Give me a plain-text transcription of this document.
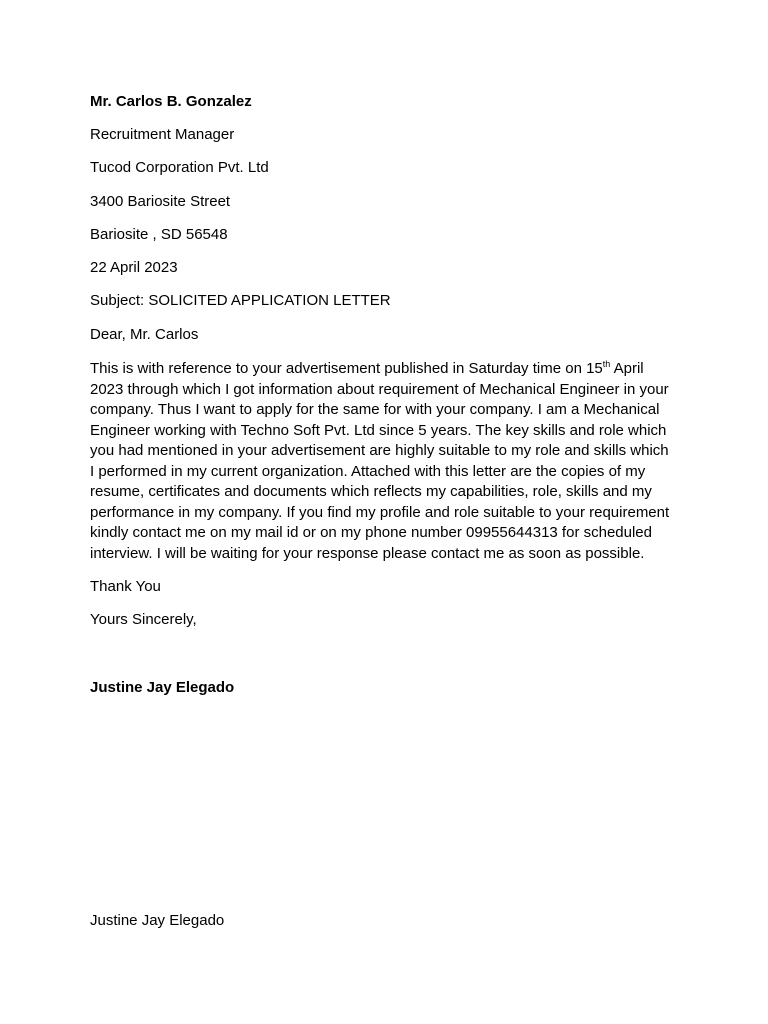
Mr. Carlos B. Gonzalez
Recruitment Manager
Tucod Corporation Pvt. Ltd
3400 Bariosite Street
Bariosite , SD 56548
22 April 2023
Subject: SOLICITED APPLICATION LETTER
Dear, Mr. Carlos
This is with reference to your advertisement published in Saturday time on 15th April
2023 through which I got information about requirement of Mechanical Engineer in your
company. Thus I want to apply for the same for with your company. I am a Mechanical
Engineer working with Techno Soft Pvt. Ltd since 5 years. The key skills and role which
you had mentioned in your advertisement are highly suitable to my role and skills which
I performed in my current organization. Attached with this letter are the copies of my
resume, certificates and documents which reflects my capabilities, role, skills and my
performance in my company. If you find my profile and role suitable to your requirement
kindly contact me on my mail id or on my phone number 09955644313 for scheduled
interview. I will be waiting for your response please contact me as soon as possible.
Thank You
Yours Sincerely,
Justine Jay Elegado
Justine Jay Elegado
